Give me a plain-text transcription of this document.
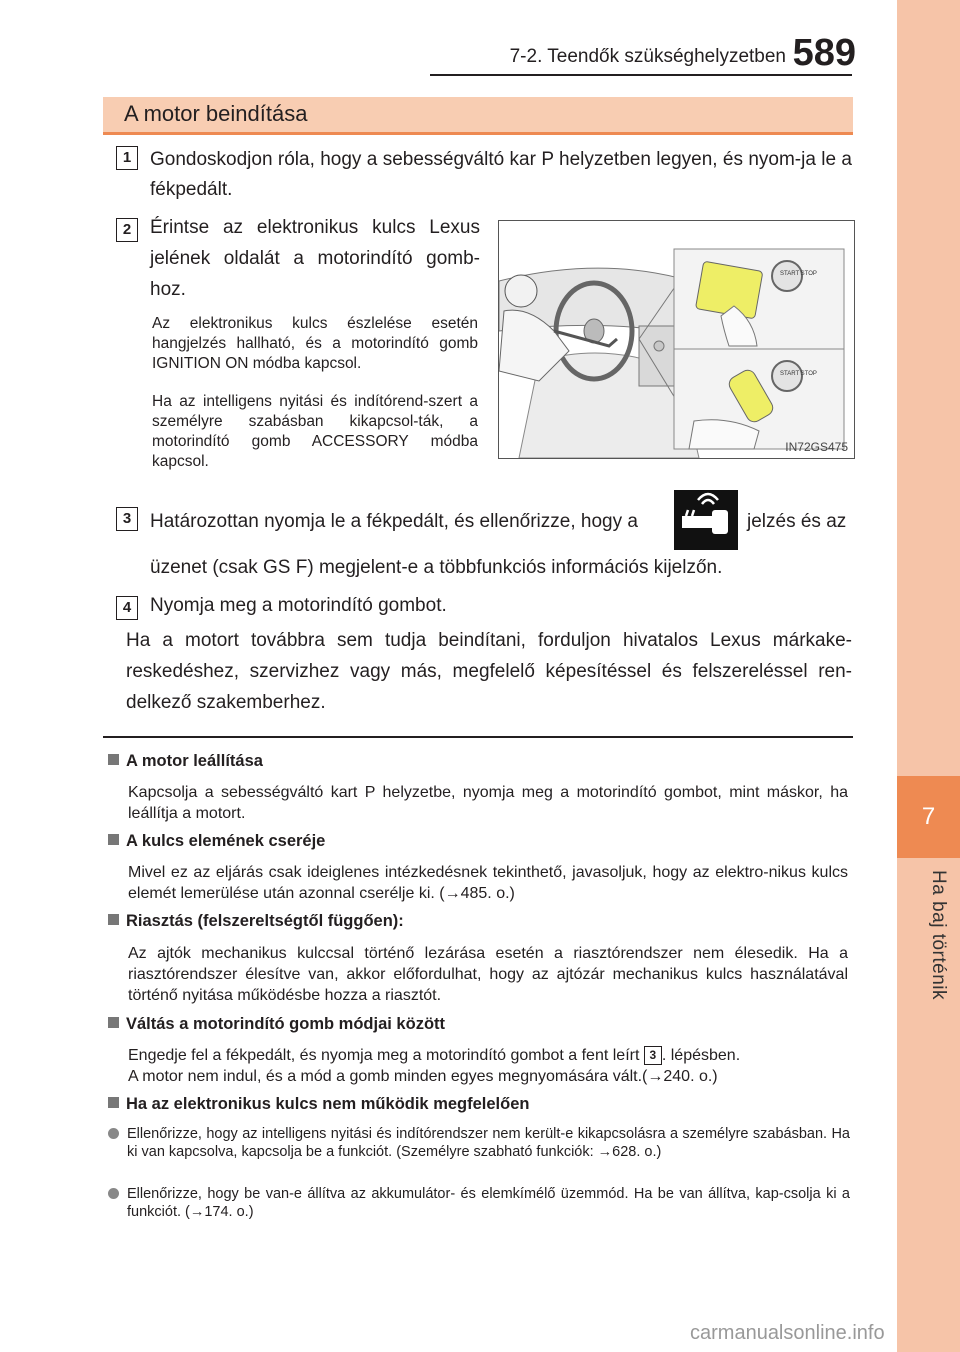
7
Ha baj történik
7-2. Teendők szükséghelyzetben 589
A motor beindítása
1 Gondoskodjon róla, hogy a sebességváltó kar P helyzetben legyen, és nyom-ja le a fékpedált.
2 Érintse az elektronikus kulcs Lexus jelének oldalát a motorindító gomb-hoz.
Az elektronikus kulcs észlelése esetén hangjelzés hallható, és a motorindító gomb IGNITION ON módba kapcsol.
Ha az intelligens nyitási és indítórend-szert a személyre szabásban kikapcsol-ták, a motorindító gomb ACCESSORY módba kapcsol.
START STOP
START STOP
IN72GS475
3 Határozottan nyomja le a fékpedált, és ellenőrizze, hogy a	jelzés és az
üzenet (csak GS F) megjelent-e a többfunkciós információs kijelzőn.
4 Nyomja meg a motorindító gombot.
Ha a motort továbbra sem tudja beindítani, forduljon hivatalos Lexus márkake-reskedéshez, szervizhez vagy más, megfelelő képesítéssel és felszereléssel ren-delkező szakemberhez.
A motor leállítása
Kapcsolja a sebességváltó kart P helyzetbe, nyomja meg a motorindító gombot, mint máskor, ha leállítja a motort.
A kulcs elemének cseréje
Mivel ez az eljárás csak ideiglenes intézkedésnek tekinthető, javasoljuk, hogy az elektro-nikus kulcs elemét lemerülése után azonnal cserélje ki. (→485. o.)
Riasztás (felszereltségtől függően):
Az ajtók mechanikus kulccsal történő lezárása esetén a riasztórendszer nem élesedik. Ha a riasztórendszer élesítve van, akkor előfordulhat, hogy az ajtózár mechanikus kulcs használatával történő nyitása működésbe hozza a riasztót.
Váltás a motorindító gomb módjai között
Engedje fel a fékpedált, és nyomja meg a motorindító gombot a fent leírt 3 . lépésben.
A motor nem indul, és a mód a gomb minden egyes megnyomására vált.(→240. o.)
Ha az elektronikus kulcs nem működik megfelelően
Ellenőrizze, hogy az intelligens nyitási és indítórendszer nem került-e kikapcsolásra a személyre szabásban. Ha ki van kapcsolva, kapcsolja be a funkciót. (Személyre szabható funkciók: →628. o.)
Ellenőrizze, hogy be van-e állítva az akkumulátor- és elemkímélő üzemmód. Ha be van állítva, kap-csolja ki a funkciót. (→174. o.)
carmanualsonline.info
